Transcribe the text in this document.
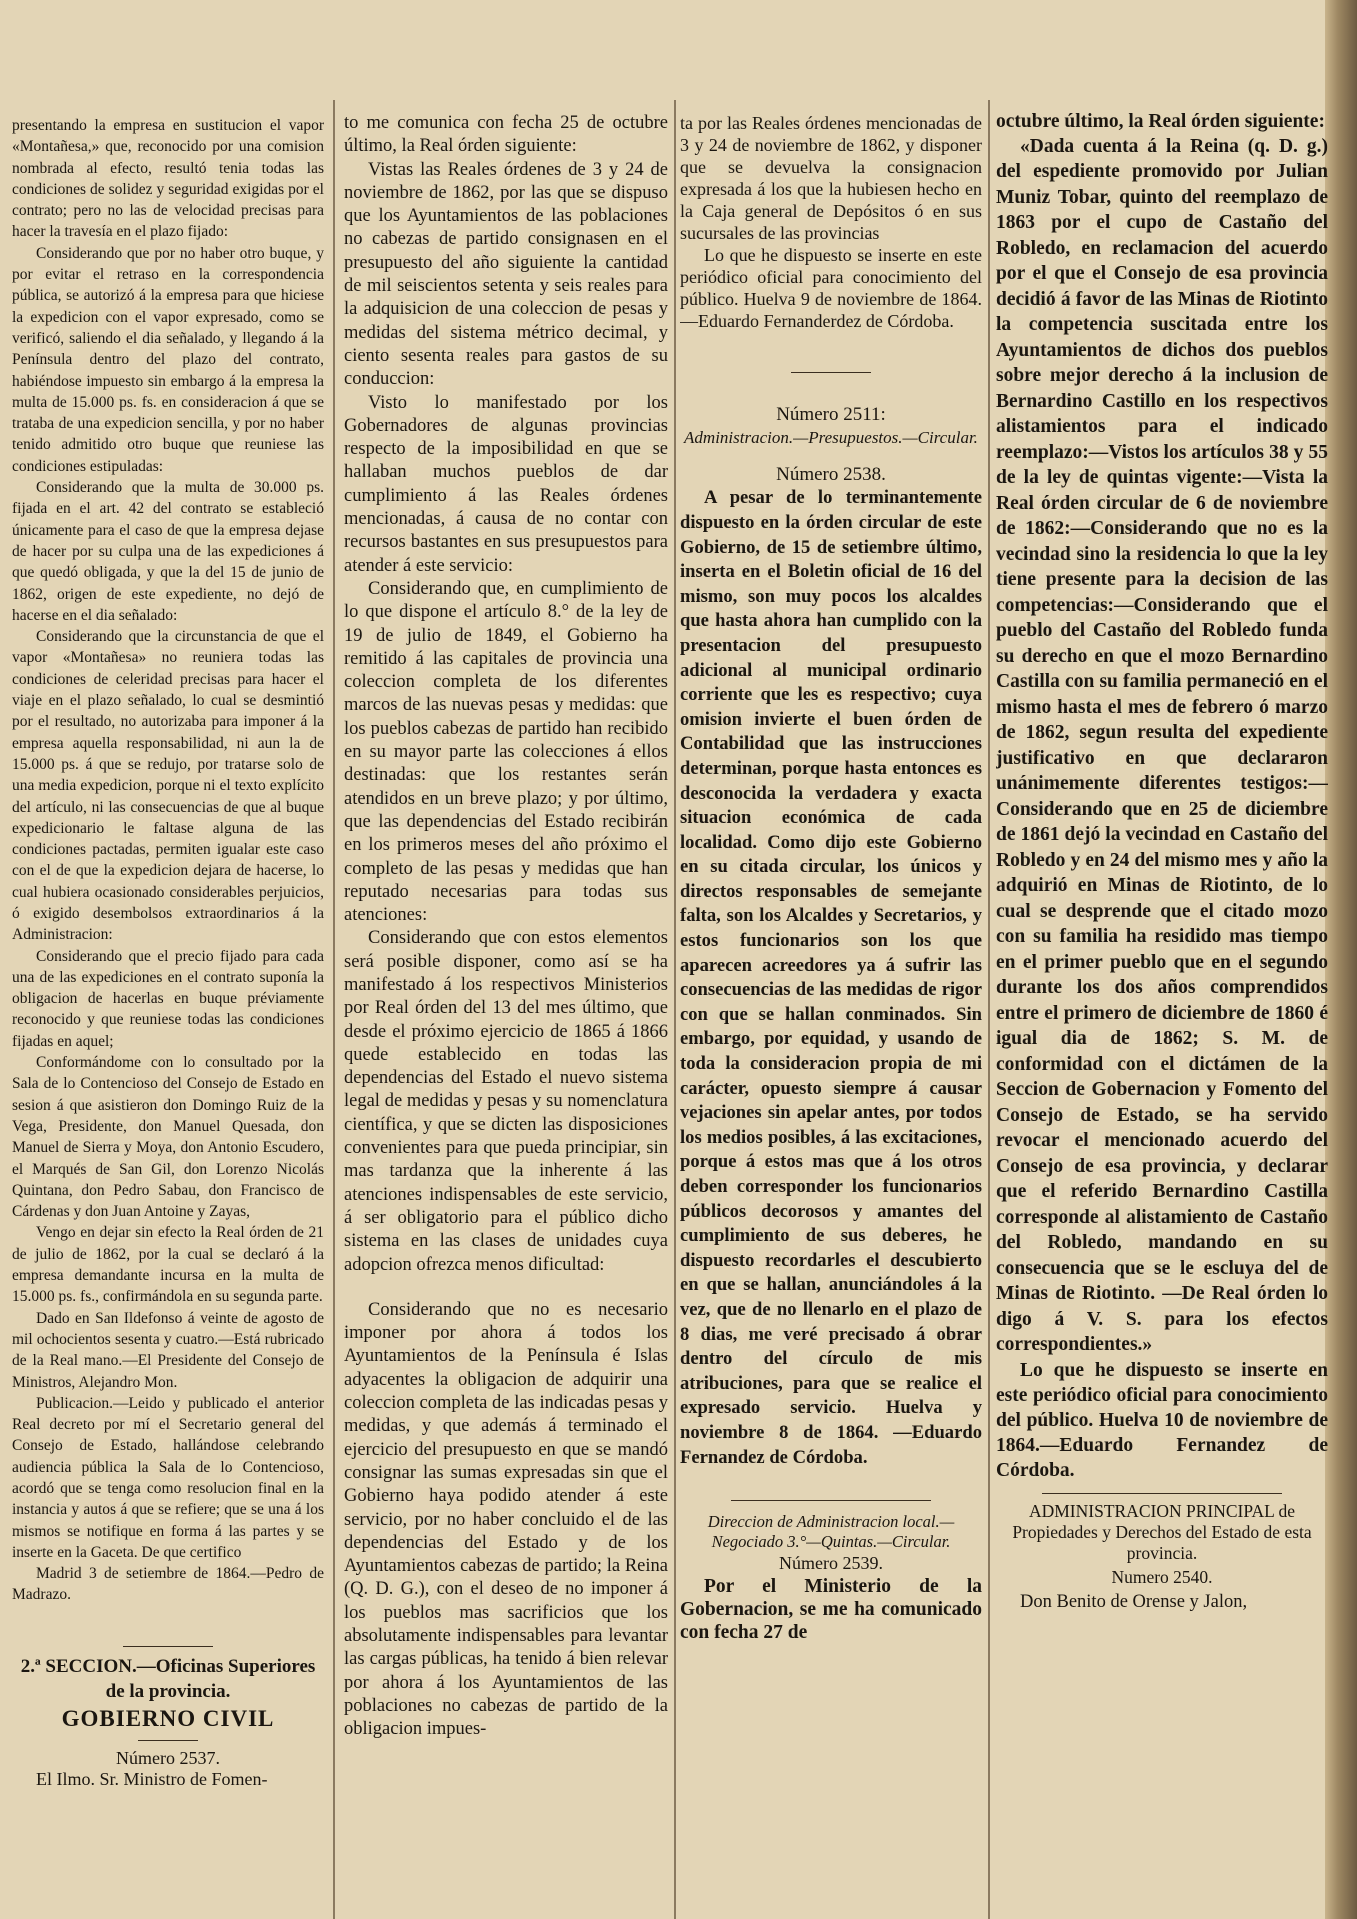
presentando la empresa en sustitucion el vapor «Montañesa,» que, reconocido por una comision nombrada al efecto, resultó tenia todas las condiciones de solidez y seguridad exigidas por el contrato; pero no las de velocidad precisas para hacer la travesía en el plazo fijado:

Considerando que por no haber otro buque, y por evitar el retraso en la correspondencia pública, se autorizó á la empresa para que hiciese la expedicion con el vapor expresado, como se verificó, saliendo el dia señalado, y llegando á la Península dentro del plazo del contrato, habiéndose impuesto sin embargo á la empresa la multa de 15.000 ps. fs. en consideracion á que se trataba de una expedicion sencilla, y por no haber tenido admitido otro buque que reuniese las condiciones estipuladas:

Considerando que la multa de 30.000 ps. fijada en el art. 42 del contrato se estableció únicamente para el caso de que la empresa dejase de hacer por su culpa una de las expediciones á que quedó obligada, y que la del 15 de junio de 1862, origen de este expediente, no dejó de hacerse en el dia señalado:

Considerando que la circunstancia de que el vapor «Montañesa» no reuniera todas las condiciones de celeridad precisas para hacer el viaje en el plazo señalado, lo cual se desmintió por el resultado, no autorizaba para imponer á la empresa aquella responsabilidad, ni aun la de 15.000 ps. á que se redujo, por tratarse solo de una media expedicion, porque ni el texto explícito del artículo, ni las consecuencias de que al buque expedicionario le faltase alguna de las condiciones pactadas, permiten igualar este caso con el de que la expedicion dejara de hacerse, lo cual hubiera ocasionado considerables perjuicios, ó exigido desembolsos extraordinarios á la Administracion:

Considerando que el precio fijado para cada una de las expediciones en el contrato suponía la obligacion de hacerlas en buque préviamente reconocido y que reuniese todas las condiciones fijadas en aquel;

Conformándome con lo consultado por la Sala de lo Contencioso del Consejo de Estado en sesion á que asistieron don Domingo Ruiz de la Vega, Presidente, don Manuel Quesada, don Manuel de Sierra y Moya, don Antonio Escudero, el Marqués de San Gil, don Lorenzo Nicolás Quintana, don Pedro Sabau, don Francisco de Cárdenas y don Juan Antoine y Zayas,

Vengo en dejar sin efecto la Real órden de 21 de julio de 1862, por la cual se declaró á la empresa demandante incursa en la multa de 15.000 ps. fs., confirmándola en su segunda parte.

Dado en San Ildefonso á veinte de agosto de mil ochocientos sesenta y cuatro.—Está rubricado de la Real mano.—El Presidente del Consejo de Ministros, Alejandro Mon.

Publicacion.—Leido y publicado el anterior Real decreto por mí el Secretario general del Consejo de Estado, hallándose celebrando audiencia pública la Sala de lo Contencioso, acordó que se tenga como resolucion final en la instancia y autos á que se refiere; que se una á los mismos se notifique en forma á las partes y se inserte en la Gaceta. De que certifico

Madrid 3 de setiembre de 1864.—Pedro de Madrazo.

2.ª SECCION.—Oficinas Superiores de la provincia.

GOBIERNO CIVIL

Número 2537.

El Ilmo. Sr. Ministro de Fomen-

to me comunica con fecha 25 de octubre último, la Real órden siguiente:

Vistas las Reales órdenes de 3 y 24 de noviembre de 1862, por las que se dispuso que los Ayuntamientos de las poblaciones no cabezas de partido consignasen en el presupuesto del año siguiente la cantidad de mil seiscientos setenta y seis reales para la adquisicion de una coleccion de pesas y medidas del sistema métrico decimal, y ciento sesenta reales para gastos de su conduccion:

Visto lo manifestado por los Gobernadores de algunas provincias respecto de la imposibilidad en que se hallaban muchos pueblos de dar cumplimiento á las Reales órdenes mencionadas, á causa de no contar con recursos bastantes en sus presupuestos para atender á este servicio:

Considerando que, en cumplimiento de lo que dispone el artículo 8.° de la ley de 19 de julio de 1849, el Gobierno ha remitido á las capitales de provincia una coleccion completa de los diferentes marcos de las nuevas pesas y medidas: que los pueblos cabezas de partido han recibido en su mayor parte las colecciones á ellos destinadas: que los restantes serán atendidos en un breve plazo; y por último, que las dependencias del Estado recibirán en los primeros meses del año próximo el completo de las pesas y medidas que han reputado necesarias para todas sus atenciones:

Considerando que con estos elementos será posible disponer, como así se ha manifestado á los respectivos Ministerios por Real órden del 13 del mes último, que desde el próximo ejercicio de 1865 á 1866 quede establecido en todas las dependencias del Estado el nuevo sistema legal de medidas y pesas y su nomenclatura científica, y que se dicten las disposiciones convenientes para que pueda principiar, sin mas tardanza que la inherente á las atenciones indispensables de este servicio, á ser obligatorio para el público dicho sistema en las clases de unidades cuya adopcion ofrezca menos dificultad:

Considerando que no es necesario imponer por ahora á todos los Ayuntamientos de la Península é Islas adyacentes la obligacion de adquirir una coleccion completa de las indicadas pesas y medidas, y que además á terminado el ejercicio del presupuesto en que se mandó consignar las sumas expresadas sin que el Gobierno haya podido atender á este servicio, por no haber concluido el de las dependencias del Estado y de los Ayuntamientos cabezas de partido; la Reina (Q. D. G.), con el deseo de no imponer á los pueblos mas sacrificios que los absolutamente indispensables para levantar las cargas públicas, ha tenido á bien relevar por ahora á los Ayuntamientos de las poblaciones no cabezas de partido de la obligacion impues-

ta por las Reales órdenes mencionadas de 3 y 24 de noviembre de 1862, y disponer que se devuelva la consignacion expresada á los que la hubiesen hecho en la Caja general de Depósitos ó en sus sucursales de las provincias

Lo que he dispuesto se inserte en este periódico oficial para conocimiento del público. Huelva 9 de noviembre de 1864.—Eduardo Fernanderdez de Córdoba.

Número 2511:

Administracion.—Presupuestos.—Circular.

Número 2538.

A pesar de lo terminantemente dispuesto en la órden circular de este Gobierno, de 15 de setiembre último, inserta en el Boletin oficial de 16 del mismo, son muy pocos los alcaldes que hasta ahora han cumplido con la presentacion del presupuesto adicional al municipal ordinario corriente que les es respectivo; cuya omision invierte el buen órden de Contabilidad que las instrucciones determinan, porque hasta entonces es desconocida la verdadera y exacta situacion económica de cada localidad. Como dijo este Gobierno en su citada circular, los únicos y directos responsables de semejante falta, son los Alcaldes y Secretarios, y estos funcionarios son los que aparecen acreedores ya á sufrir las consecuencias de las medidas de rigor con que se hallan conminados. Sin embargo, por equidad, y usando de toda la consideracion propia de mi carácter, opuesto siempre á causar vejaciones sin apelar antes, por todos los medios posibles, á las excitaciones, porque á estos mas que á los otros deben corresponder los funcionarios públicos decorosos y amantes del cumplimiento de sus deberes, he dispuesto recordarles el descubierto en que se hallan, anunciándoles á la vez, que de no llenarlo en el plazo de 8 dias, me veré precisado á obrar dentro del círculo de mis atribuciones, para que se realice el expresado servicio. Huelva y noviembre 8 de 1864. —Eduardo Fernandez de Córdoba.

Direccion de Administracion local.—Negociado 3.°—Quintas.—Circular.

Número 2539.

Por el Ministerio de la Gobernacion, se me ha comunicado con fecha 27 de

octubre último, la Real órden siguiente:

«Dada cuenta á la Reina (q. D. g.) del espediente promovido por Julian Muniz Tobar, quinto del reemplazo de 1863 por el cupo de Castaño del Robledo, en reclamacion del acuerdo por el que el Consejo de esa provincia decidió á favor de las Minas de Riotinto la competencia suscitada entre los Ayuntamientos de dichos dos pueblos sobre mejor derecho á la inclusion de Bernardino Castillo en los respectivos alistamientos para el indicado reemplazo:—Vistos los artículos 38 y 55 de la ley de quintas vigente:—Vista la Real órden circular de 6 de noviembre de 1862:—Considerando que no es la vecindad sino la residencia lo que la ley tiene presente para la decision de las competencias:—Considerando que el pueblo del Castaño del Robledo funda su derecho en que el mozo Bernardino Castilla con su familia permaneció en el mismo hasta el mes de febrero ó marzo de 1862, segun resulta del expediente justificativo en que declararon unánimemente diferentes testigos:—Considerando que en 25 de diciembre de 1861 dejó la vecindad en Castaño del Robledo y en 24 del mismo mes y año la adquirió en Minas de Riotinto, de lo cual se desprende que el citado mozo con su familia ha residido mas tiempo en el primer pueblo que en el segundo durante los dos años comprendidos entre el primero de diciembre de 1860 é igual dia de 1862; S. M. de conformidad con el dictámen de la Seccion de Gobernacion y Fomento del Consejo de Estado, se ha servido revocar el mencionado acuerdo del Consejo de esa provincia, y declarar que el referido Bernardino Castilla corresponde al alistamiento de Castaño del Robledo, mandando en su consecuencia que se le escluya del de Minas de Riotinto. —De Real órden lo digo á V. S. para los efectos correspondientes.»

Lo que he dispuesto se inserte en este periódico oficial para conocimiento del público. Huelva 10 de noviembre de 1864.—Eduardo Fernandez de Córdoba.

ADMINISTRACION PRINCIPAL de Propiedades y Derechos del Estado de esta provincia.

Numero 2540.

Don Benito de Orense y Jalon,
